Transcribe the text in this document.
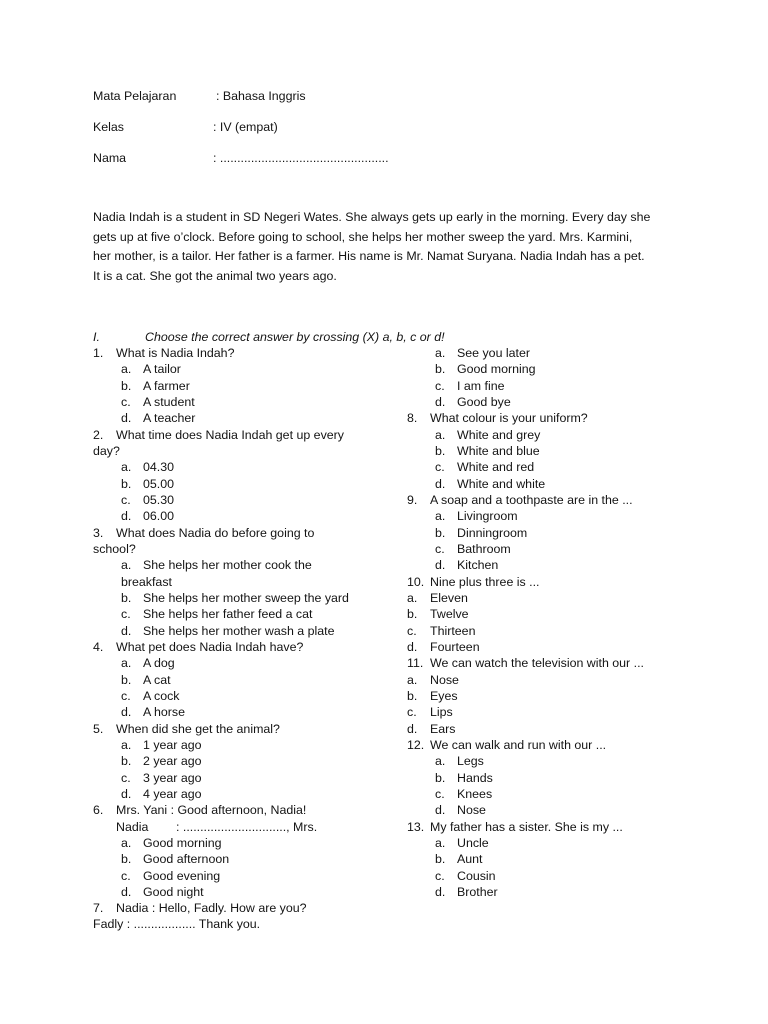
Mata Pelajaran	: Bahasa Inggris
Kelas	: IV (empat)
Nama	: .................................................
Nadia Indah is a student in SD Negeri Wates. She always gets up early in the morning. Every day she
gets up at five o’clock. Before going to school, she helps her mother sweep the yard. Mrs. Karmini,
her mother, is a tailor. Her father is a farmer. His name is Mr. Namat Suryana. Nadia Indah has a pet.
It is a cat. She got the animal two years ago.
I.	Choose the correct answer by crossing (X) a, b, c or d!
1. What is Nadia Indah?
a. A tailor
b. A farmer
c. A student
d. A teacher
2. What time does Nadia Indah get up every
day?
a. 04.30
b. 05.00
c. 05.30
d. 06.00
3. What does Nadia do before going to
school?
a. She helps her mother cook the
breakfast
b. She helps her mother sweep the yard
c. She helps her father feed a cat
d. She helps her mother wash a plate
4. What pet does Nadia Indah have?
a. A dog
b. A cat
c. A cock
d. A horse
5. When did she get the animal?
a. 1 year ago
b. 2 year ago
c. 3 year ago
d. 4 year ago
6. Mrs. Yani : Good afternoon, Nadia!
Nadia : .............................., Mrs.
a. Good morning
b. Good afternoon
c. Good evening
d. Good night
7. Nadia : Hello, Fadly. How are you?
Fadly : .................. Thank you.
a. See you later
b. Good morning
c. I am fine
d. Good bye
8. What colour is your uniform?
a. White and grey
b. White and blue
c. White and red
d. White and white
9. A soap and a toothpaste are in the ...
a. Livingroom
b. Dinningroom
c. Bathroom
d. Kitchen
10. Nine plus three is ...
a. Eleven
b. Twelve
c. Thirteen
d. Fourteen
11. We can watch the television with our ...
a. Nose
b. Eyes
c. Lips
d. Ears
12. We can walk and run with our ...
a. Legs
b. Hands
c. Knees
d. Nose
13. My father has a sister. She is my ...
a. Uncle
b. Aunt
c. Cousin
d. Brother
